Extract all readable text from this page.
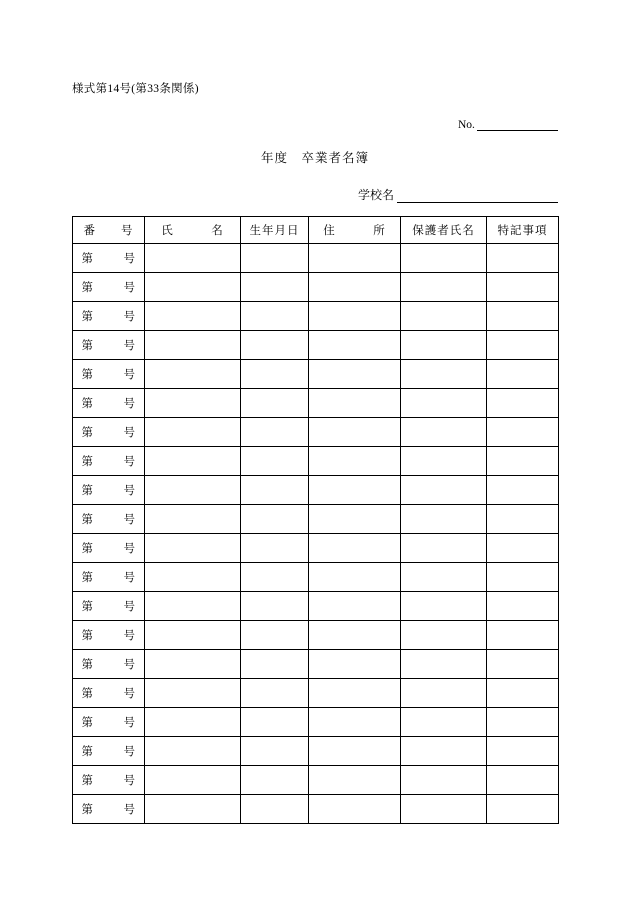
様式第14号(第33条関係)
No.
年度　卒業者名簿
学校名
番　　号	氏　　　名	生年月日	住　　　所	保護者氏名	特記事項
第 号					
第 号					
第 号					
第 号					
第 号					
第 号					
第 号					
第 号					
第 号					
第 号					
第 号					
第 号					
第 号					
第 号					
第 号					
第 号					
第 号					
第 号					
第 号					
第 号					
